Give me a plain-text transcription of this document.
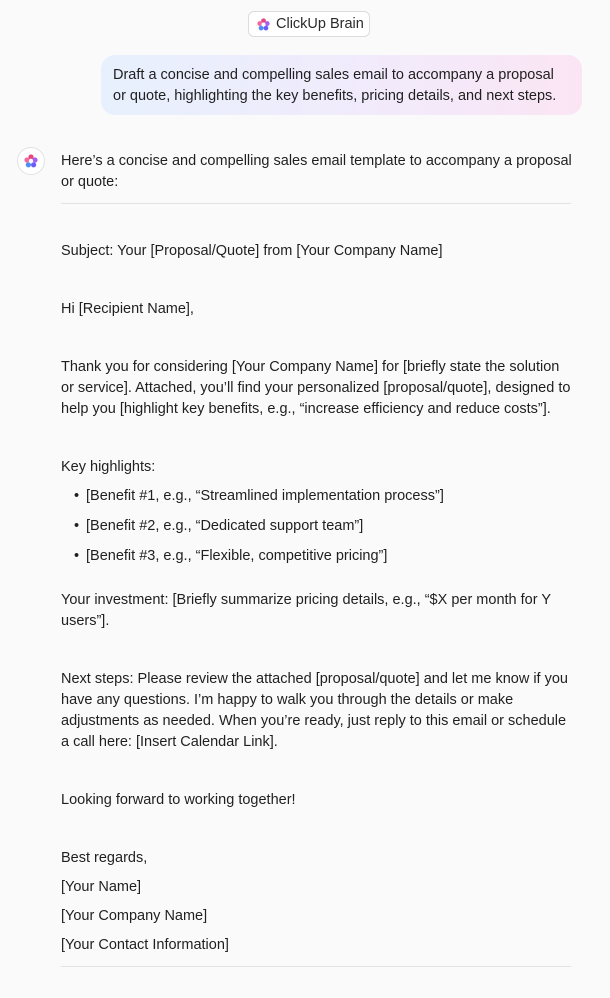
ClickUp Brain
Draft a concise and compelling sales email to accompany a proposal or quote, highlighting the key benefits, pricing details, and next steps.

Here’s a concise and compelling sales email template to accompany a proposal or quote:

Subject: Your [Proposal/Quote] from [Your Company Name]

Hi [Recipient Name],

Thank you for considering [Your Company Name] for [briefly state the solution or service]. Attached, you’ll find your personalized [proposal/quote], designed to help you [highlight key benefits, e.g., “increase efficiency and reduce costs”].

Key highlights:

• [Benefit #1, e.g., “Streamlined implementation process”]
• [Benefit #2, e.g., “Dedicated support team”]
• [Benefit #3, e.g., “Flexible, competitive pricing”]

Your investment: [Briefly summarize pricing details, e.g., “$X per month for Y users”].

Next steps: Please review the attached [proposal/quote] and let me know if you have any questions. I’m happy to walk you through the details or make adjustments as needed. When you’re ready, just reply to this email or schedule a call here: [Insert Calendar Link].

Looking forward to working together!

Best regards,

[Your Name]

[Your Company Name]

[Your Contact Information]
